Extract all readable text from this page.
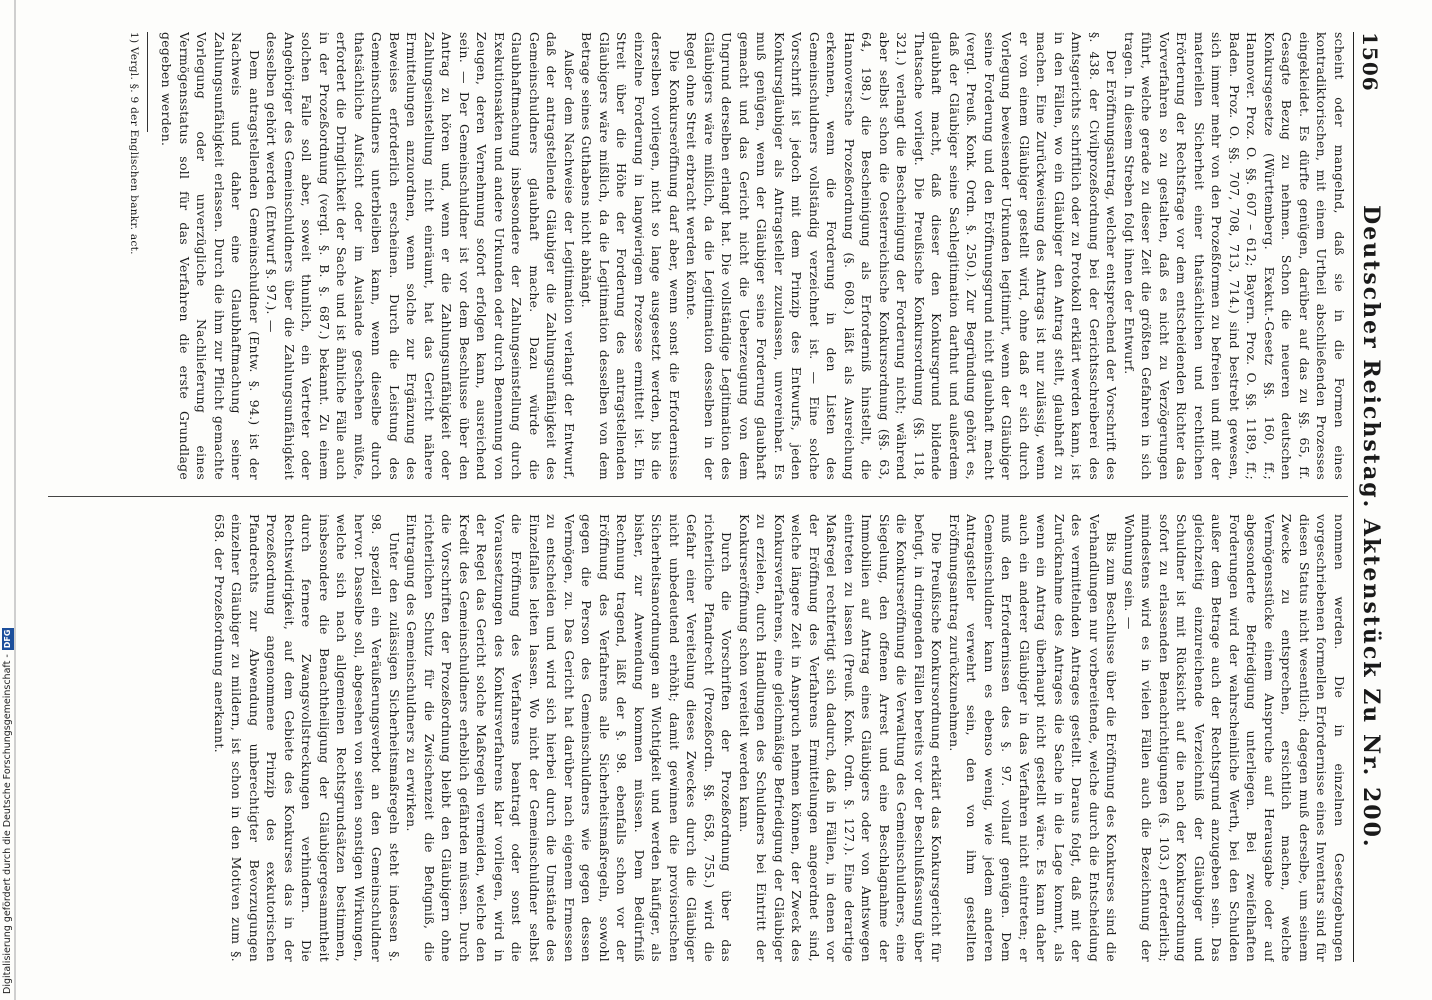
Digitalisierung gefördert durch die Deutsche Forschungsgemeinschaft -DFG
1506
Deutscher Reichstag. Aktenstück Zu Nr. 200.

scheint oder mangelnd, daß sie in die Formen eines kontradiktorischen, mit einem Urtheil abschließenden Prozesses eingekleidet. Es dürfte genügen, darüber auf das zu §§. 65, ff. Gesagte Bezug zu nehmen. Schon die neueren deutschen Konkursgesetze (Württemberg. Exekut.-Gesetz §§. 160, ff.; Hannover. Proz. O. §§. 607 – 612; Bayern. Proz. O. §§. 1189, ff.; Baden. Proz. O. §§. 707, 708, 713, 714.) sind bestrebt gewesen, sich immer mehr von den Prozeßformen zu befreien und mit der materiellen Sicherheit einer thatsächlichen und rechtlichen Erörterung der Rechtsfrage vor dem entscheidenden Richter das Vorverfahren so zu gestalten, daß es nicht zu Verzögerungen führt, welche gerade zu dieser Zeit die größten Gefahren in sich tragen. In diesem Streben folgt ihnen der Entwurf.

Der Eröffnungsantrag, welcher entsprechend der Vorschrift des §. 438. der Civilprozeßordnung bei der Gerichtsschreiberei des Amtsgerichts schriftlich oder zu Protokoll erklärt werden kann, ist in den Fällen, wo ein Gläubiger den Antrag stellt, glaubhaft zu machen. Eine Zurückweisung des Antrags ist nur zulässig, wenn er von einem Gläubiger gestellt wird, ohne daß er sich durch Vorlegung beweisender Urkunden legitimirt, wenn der Gläubiger seine Forderung und den Eröffnungsgrund nicht glaubhaft macht (vergl. Preuß. Konk. Ordn. §. 250.). Zur Begründung gehört es, daß der Gläubiger seine Sachlegitimation darthut und außerdem glaubhaft macht, daß dieser den Konkursgrund bildende Thatsache vorliegt. Die Preußische Konkursordnung (§§. 118, 321.) verlangt die Bescheinigung der Forderung nicht; während aber selbst schon die Oesterreichische Konkursordnung (§§. 63, 64, 198.) die Bescheinigung als Erforderniß hinstellt, die Hannoversche Prozeßordnung (§. 608.) läßt als Ausreichung erkennen, wenn die Forderung in den Listen des Gemeinschuldners vollständig verzeichnet ist. — Eine solche Vorschrift ist jedoch mit dem Prinzip des Entwurfs, jeden Konkursgläubiger als Antragsteller zuzulassen, unvereinbar. Es muß genügen, wenn der Gläubiger seine Forderung glaubhaft gemacht und das Gericht nicht die Ueberzeugung von dem Ungrund derselben erlangt hat. Die vollständige Legitimation des Gläubigers wäre mißlich, da die Legitimation desselben in der Regel ohne Streit erbracht werden könnte.

Die Konkurseröffnung darf aber, wenn sonst die Erfordernisse derselben vorliegen, nicht so lange ausgesetzt werden, bis die einzelne Forderung in langwierigem Prozesse ermittelt ist. Ein Streit über die Höhe der Forderung des antragstellenden Gläubigers wäre mißlich, da die Legitimation desselben von dem Betrage seines Guthabens nicht abhängt.

Außer dem Nachweise der Legitimation verlangt der Entwurf, daß der antragstellende Gläubiger die Zahlungsunfähigkeit des Gemeinschuldners glaubhaft mache. Dazu würde die Glaubhaftmachung insbesondere der Zahlungseinstellung durch Exekutionsakten und andere Urkunden oder durch Benennung von Zeugen, deren Vernehmung sofort erfolgen kann, ausreichend sein. — Der Gemeinschuldner ist vor dem Beschlusse über den Antrag zu hören und, wenn er die Zahlungsunfähigkeit oder Zahlungseinstellung nicht einräumt, hat das Gericht nähere Ermittelungen anzuordnen, wenn solche zur Ergänzung des Beweises erforderlich erscheinen. Durch die Leistung des Gemeinschuldners unterbleiben kann, wenn dieselbe durch thatsächliche Aufsicht oder im Auslande geschehen müßte, erfordert die Dringlichkeit der Sache und ist ähnliche Fälle auch in der Prozeßordnung (vergl. §. B. §. 687.) bekannt. Zu einem solchen Falle soll aber, soweit thunlich, ein Vertreter oder Angehöriger des Gemeinschuldners über die Zahlungsunfähigkeit desselben gehört werden (Entwurf §. 97.). —

Dem antragstellenden Gemeinschuldner (Entw. §. 94.) ist der Nachweis und daher eine Glaubhaftmachung seiner Zahlungsunfähigkeit erlassen. Durch die ihm zur Pflicht gemachte Vorlegung oder unverzügliche Nachlieferung eines Vermögensstatus soll für das Verfahren die erste Grundlage gegeben werden.

1) Vergl. §. 9 der Englischen bankr. act.

nommen werden. Die in einzelnen Gesetzgebungen vorgeschriebenen formellen Erfordernisse eines Inventars sind für diesen Status nicht wesentlich; dagegen muß derselbe, um seinem Zwecke zu entsprechen, ersichtlich machen, welche Vermögensstücke einem Anspruche auf Herausgabe oder auf abgesonderte Befriedigung unterliegen. Bei zweifelhaften Forderungen wird der wahrscheinliche Werth, bei den Schulden außer dem Betrage auch der Rechtsgrund anzugeben sein. Das gleichzeitig einzureichende Verzeichniß der Gläubiger und Schuldner ist mit Rücksicht auf die nach der Konkursordnung sofort zu erlassenden Benachrichtigungen (§. 103.) erforderlich; mindestens wird es in vielen Fällen auch die Bezeichnung der Wohnung sein. —

Bis zum Beschlusse über die Eröffnung des Konkurses sind die Verhandlungen nur vorbereitende, welche durch die Entscheidung des vermittelnden Antrages gestellt. Daraus folgt, daß mit der Zurücknahme des Antrages die Sache in die Lage kommt, als wenn ein Antrag überhaupt nicht gestellt wäre. Es kann daher auch ein anderer Gläubiger in das Verfahren nicht eintreten; er muß den Erfordernissen des §. 97. vollauf genügen. Dem Gemeinschuldner kann es ebenso wenig, wie jedem anderen Antragsteller verwehrt sein, den von ihm gestellten Eröffnungsantrag zurückzunehmen.

Die Preußische Konkursordnung erklärt das Konkursgericht für befugt, in dringenden Fällen bereits vor der Beschlußfassung über die Konkurseröffnung die Verwaltung des Gemeinschuldners, eine Siegelung, den offenen Arrest und eine Beschlagnahme der Immobilien auf Antrag eines Gläubigers oder von Amtswegen eintreten zu lassen (Preuß. Konk. Ordn. §. 127.). Eine derartige Maßregel rechtfertigt sich dadurch, daß in Fällen, in denen vor der Eröffnung des Verfahrens Ermittelungen angeordnet sind, welche längere Zeit in Anspruch nehmen können, der Zweck des Konkursverfahrens, eine gleichmäßige Befriedigung der Gläubiger zu erzielen, durch Handlungen des Schuldners bei Eintritt der Konkurseröffnung schon vereitelt werden kann.

Durch die Vorschriften der Prozeßordnung über das richterliche Pfandrecht (Prozeßordn. §§. 658, 755.) wird die Gefahr einer Vereitelung dieses Zweckes durch die Gläubiger nicht unbedeutend erhöht; damit gewinnen die provisorischen Sicherheitsanordnungen an Wichtigkeit und werden häufiger, als bisher, zur Anwendung kommen müssen. Dem Bedürfniß Rechnung tragend, läßt der §. 98. ebenfalls schon vor der Eröffnung des Verfahrens alle Sicherheitsmaßregeln, sowohl gegen die Person des Gemeinschuldners wie gegen dessen Vermögen, zu. Das Gericht hat darüber nach eigenem Ermessen zu entscheiden und wird sich hierbei durch die Umstände des Einzelfalles leiten lassen. Wo nicht der Gemeinschuldner selbst die Eröffnung des Verfahrens beantragt oder sonst die Voraussetzungen des Konkursverfahrens klar vorliegen, wird in der Regel das Gericht solche Maßregeln vermeiden, welche den Kredit des Gemeinschuldners erheblich gefährden müssen. Durch die Vorschriften der Prozeßordnung bleibt den Gläubigern ohne richterlichen Schutz für die Zwischenzeit die Befugniß, die Eintragung des Gemeinschuldners zu erwirken.

Unter den zulässigen Sicherheitsmaßregeln steht indessen §. 98. speziell ein Veräußerungsverbot an den Gemeinschuldner hervor. Dasselbe soll, abgesehen von seiten sonstigen Wirkungen, welche sich nach allgemeinen Rechtsgrundsätzen bestimmen, insbesondere die Benachtheiligung der Gläubigergesammtheit durch fernere Zwangsvollstreckungen verhindern. Die Rechtswidrigkeit, auf dem Gebiete des Konkurses das in der Prozeßordnung angenommene Prinzip des exekutorischen Pfandrechts zur Abwendung unberechtigter Bevorzugungen einzelner Gläubiger zu mildern, ist schon in den Motiven zum §. 658. der Prozeßordnung anerkannt.
